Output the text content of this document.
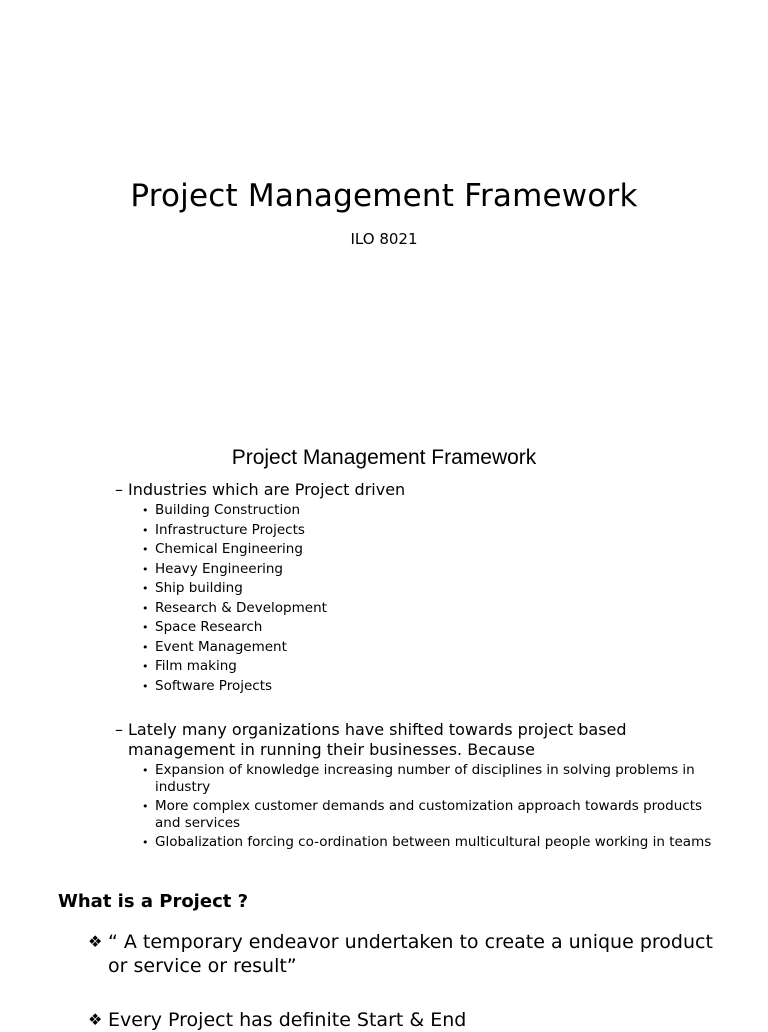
Project Management Framework
ILO 8021
Project Management Framework
– Industries which are Project driven
• Building Construction
• Infrastructure Projects
• Chemical Engineering
• Heavy Engineering
• Ship building
• Research & Development
• Space Research
• Event Management
• Film making
• Software Projects
– Lately many organizations have shifted towards project based management in running their businesses. Because
• Expansion of knowledge increasing number of disciplines in solving problems in industry
• More complex customer demands and customization approach towards products and services
• Globalization forcing co-ordination between multicultural people working in teams
What is a Project ?
❖ “ A temporary endeavor undertaken to create a unique product or service or result”
❖ Every Project has definite Start & End
